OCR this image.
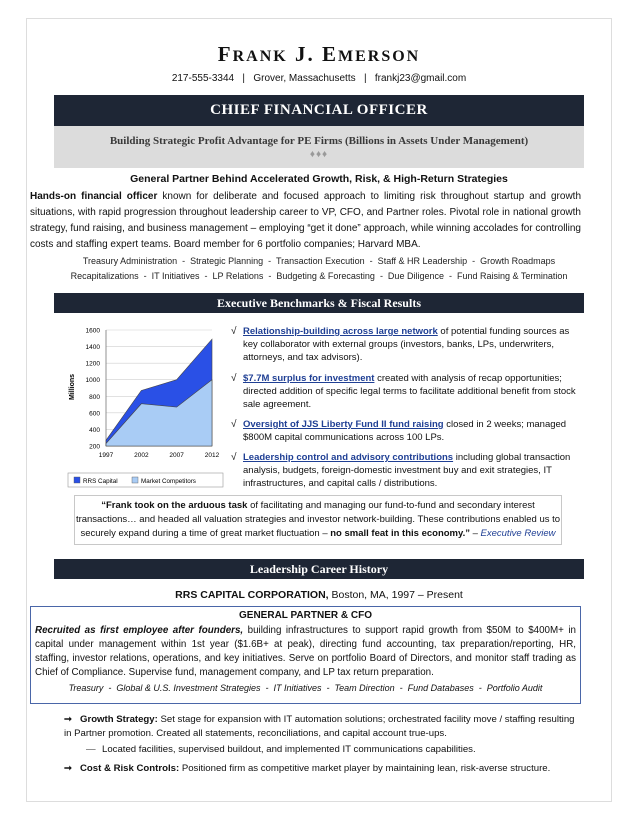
FRANK J. EMERSON
217-555-3344   |   Grover, Massachusetts   |   frankj23@gmail.com
CHIEF FINANCIAL OFFICER
Building Strategic Profit Advantage for PE Firms (Billions in Assets Under Management)
♦♦♦
General Partner Behind Accelerated Growth, Risk, & High-Return Strategies
Hands-on financial officer known for deliberate and focused approach to limiting risk throughout startup and growth situations, with rapid progression throughout leadership career to VP, CFO, and Partner roles. Pivotal role in national growth strategy, fund raising, and business management – employing “get it done” approach, while winning accolades for controlling costs and staffing expert teams. Board member for 6 portfolio companies; Harvard MBA.
Treasury Administration  -  Strategic Planning  -  Transaction Execution  -  Staff & HR Leadership  -  Growth Roadmaps
Recapitalizations  -  IT Initiatives  -  LP Relations  -  Budgeting & Forecasting  -  Due Diligence  -  Fund Raising & Termination
Executive Benchmarks & Fiscal Results
200
400
600
800
1000
1200
1400
1600
1997	2002	2007	2012
Millions
RRS Capital	Market Competitors
√ Relationship-building across large network of potential funding sources as key collaborator with external groups (investors, banks, LPs, underwriters, attorneys, and tax advisors).
√ $7.7M surplus for investment created with analysis of recap opportunities; directed addition of specific legal terms to facilitate additional benefit from stock sale agreement.
√ Oversight of JJS Liberty Fund II fund raising closed in 2 weeks; managed $800M capital communications across 100 LPs.
√ Leadership control and advisory contributions including global transaction analysis, budgets, foreign-domestic investment buy and exit strategies, IT infrastructures, and capital calls / distributions.
“Frank took on the arduous task of facilitating and managing our fund-to-fund and secondary interest transactions… and headed all valuation strategies and investor network-building. These contributions enabled us to securely expand during a time of great market fluctuation – no small feat in this economy.” – Executive Review
Leadership Career History
RRS CAPITAL CORPORATION, Boston, MA, 1997 – Present
GENERAL PARTNER & CFO
Recruited as first employee after founders, building infrastructures to support rapid growth from $50M to $400M+ in capital under management within 1st year ($1.6B+ at peak), directing fund accounting, tax preparation/reporting, HR, staffing, investor relations, operations, and key initiatives. Serve on portfolio Board of Directors, and monitor staff trading as Chief of Compliance. Supervise fund, management company, and LP tax return preparation.
Treasury  -  Global & U.S. Investment Strategies  -  IT Initiatives  -  Team Direction  -  Fund Databases  -  Portfolio Audit
➞ Growth Strategy: Set stage for expansion with IT automation solutions; orchestrated facility move / staffing resulting in Partner promotion. Created all statements, reconciliations, and capital account true-ups.
— Located facilities, supervised buildout, and implemented IT communications capabilities.
➞ Cost & Risk Controls: Positioned firm as competitive market player by maintaining lean, risk-averse structure.
